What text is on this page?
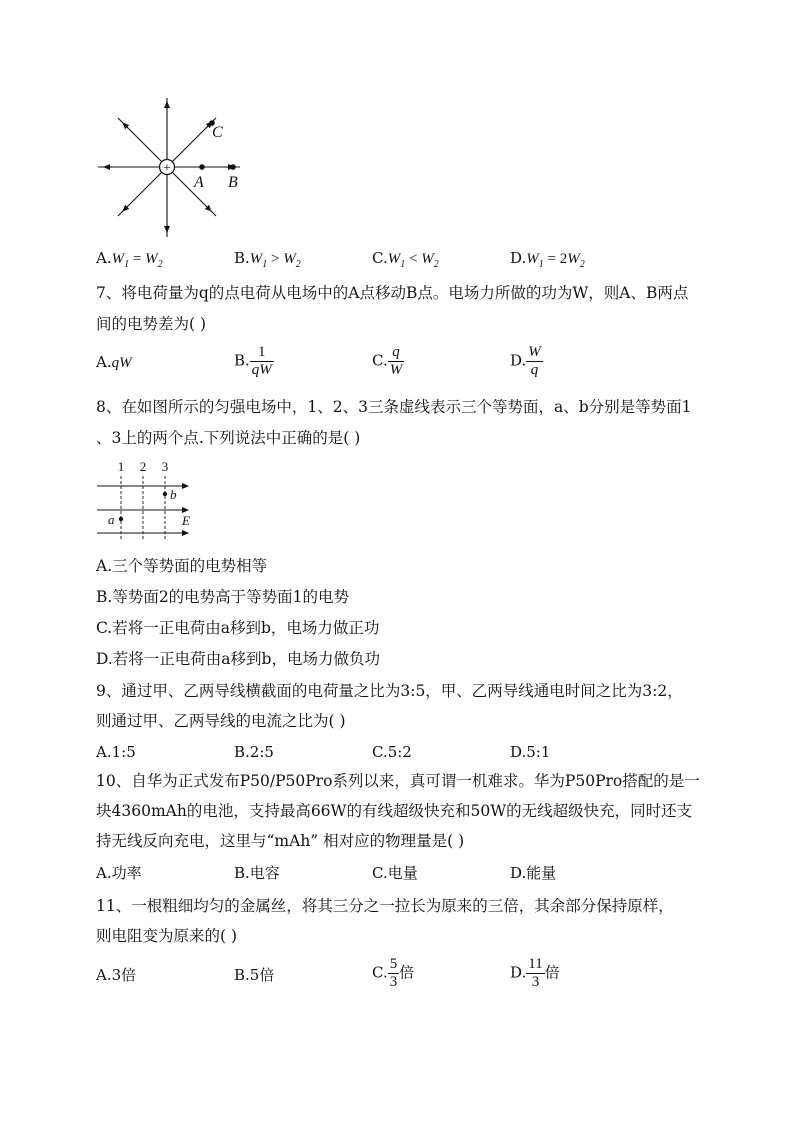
+
A B
C
$A.W_1 = W_2$	$B.W_1 > W_2$	$C.W_1 < W_2$	$D.W_1 = 2W_2$
7、将电荷量为q的点电荷从电场中的A点移动B点。电场力所做的功为W，则A、B两点
间的电势差为( )
A.qW	B. $\frac{1}{qW}$	C. $\frac{q}{W}$	D. $\frac{W}{q}$
8、在如图所示的匀强电场中，1、2、3三条虚线表示三个等势面，a、b分别是等势面1
、3上的两个点.下列说法中正确的是( )
1 2 3
a
b
E
A.三个等势面的电势相等
B.等势面2的电势高于等势面1的电势
C.若将一正电荷由a移到b，电场力做正功
D.若将一正电荷由a移到b，电场力做负功
9、通过甲、乙两导线横截面的电荷量之比为3:5，甲、乙两导线通电时间之比为3:2，
则通过甲、乙两导线的电流之比为( )
A.1:5	B.2:5	C.5:2	D.5:1
10、自华为正式发布P50/P50Pro系列以来，真可谓一机难求。华为P50Pro搭配的是一
块4360mAh的电池，支持最高66W的有线超级快充和50W的无线超级快充，同时还支
持无线反向充电，这里与“mAh” 相对应的物理量是( )
A.功率	B.电容	C.电量	D.能量
11、一根粗细均匀的金属丝，将其三分之一拉长为原来的三倍，其余部分保持原样，
则电阻变为原来的( )
A.3倍	B.5倍	C. $\frac{5}{3}$ 倍	D. $\frac{11}{3}$ 倍
